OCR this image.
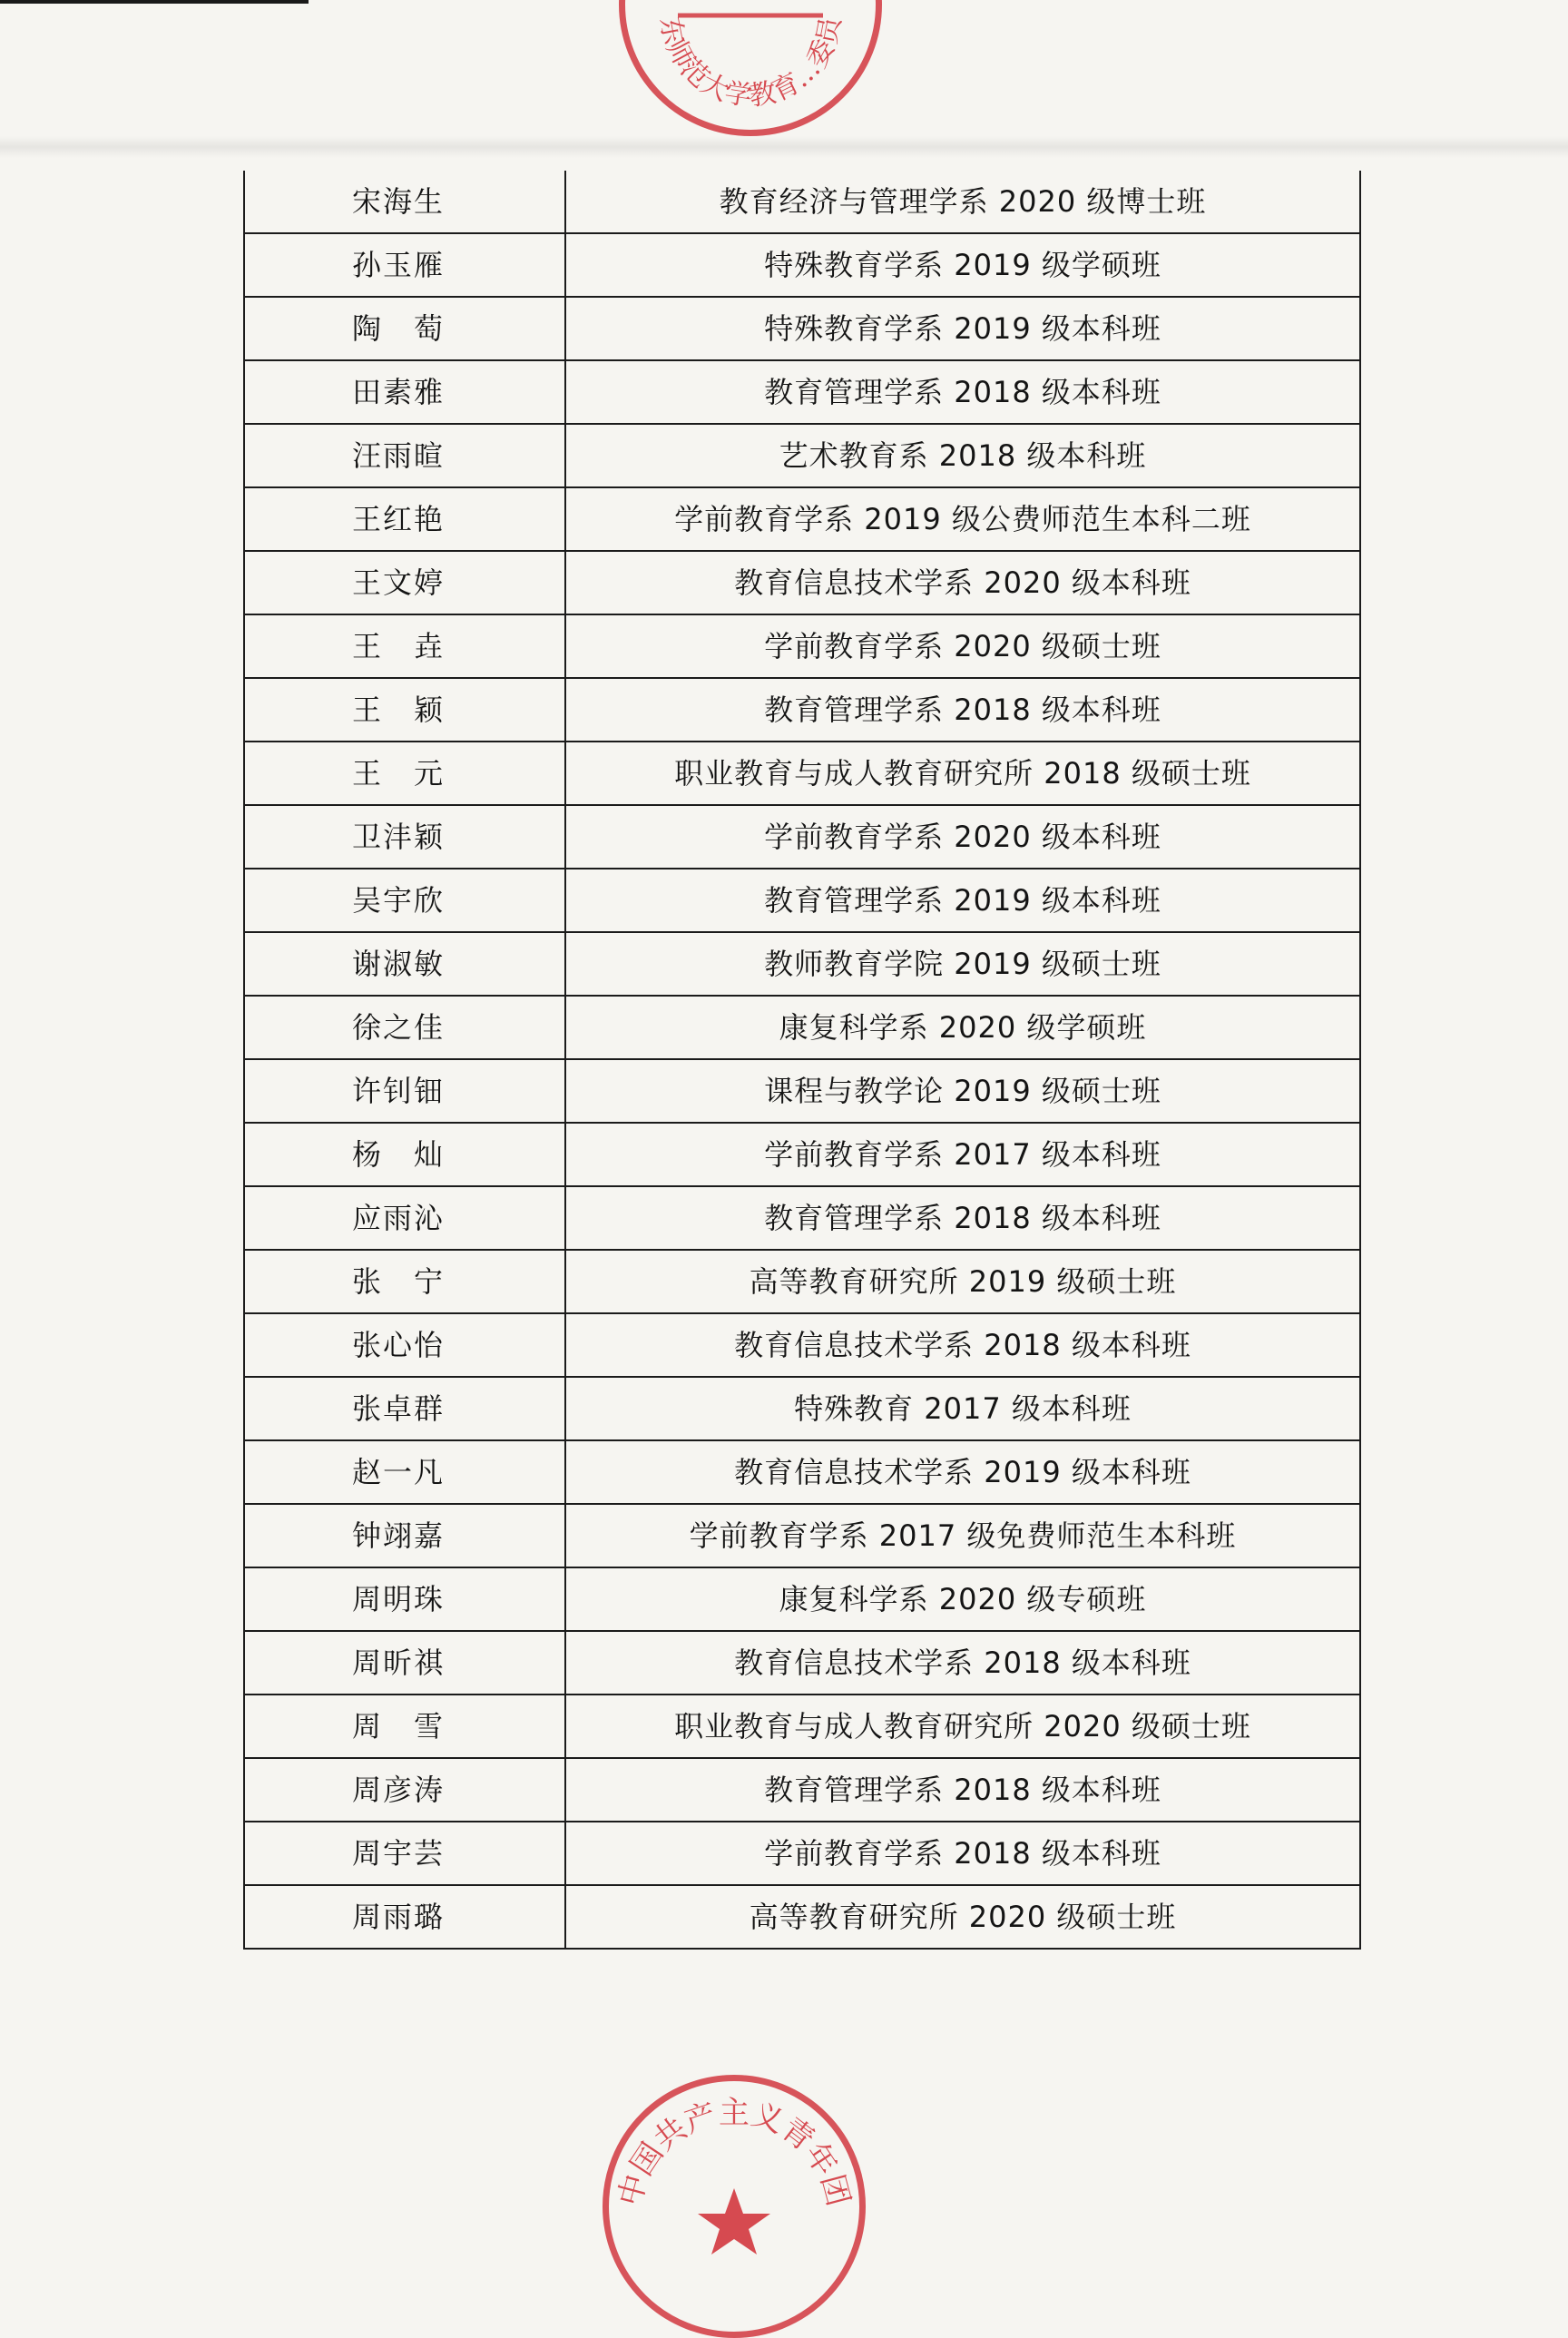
东师范大学教育…委员
宋海生	教育经济与管理学系 2020 级博士班
孙玉雁	特殊教育学系 2019 级学硕班
陶　萄	特殊教育学系 2019 级本科班
田素雅	教育管理学系 2018 级本科班
汪雨暄	艺术教育系 2018 级本科班
王红艳	学前教育学系 2019 级公费师范生本科二班
王文婷	教育信息技术学系 2020 级本科班
王　垚	学前教育学系 2020 级硕士班
王　颖	教育管理学系 2018 级本科班
王　元	职业教育与成人教育研究所 2018 级硕士班
卫沣颖	学前教育学系 2020 级本科班
吴宇欣	教育管理学系 2019 级本科班
谢淑敏	教师教育学院 2019 级硕士班
徐之佳	康复科学系 2020 级学硕班
许钊钿	课程与教学论 2019 级硕士班
杨　灿	学前教育学系 2017 级本科班
应雨沁	教育管理学系 2018 级本科班
张　宁	高等教育研究所 2019 级硕士班
张心怡	教育信息技术学系 2018 级本科班
张卓群	特殊教育 2017 级本科班
赵一凡	教育信息技术学系 2019 级本科班
钟翊嘉	学前教育学系 2017 级免费师范生本科班
周明珠	康复科学系 2020 级专硕班
周昕祺	教育信息技术学系 2018 级本科班
周　雪	职业教育与成人教育研究所 2020 级硕士班
周彦涛	教育管理学系 2018 级本科班
周宇芸	学前教育学系 2018 级本科班
周雨璐	高等教育研究所 2020 级硕士班
中国共产主义青年团
